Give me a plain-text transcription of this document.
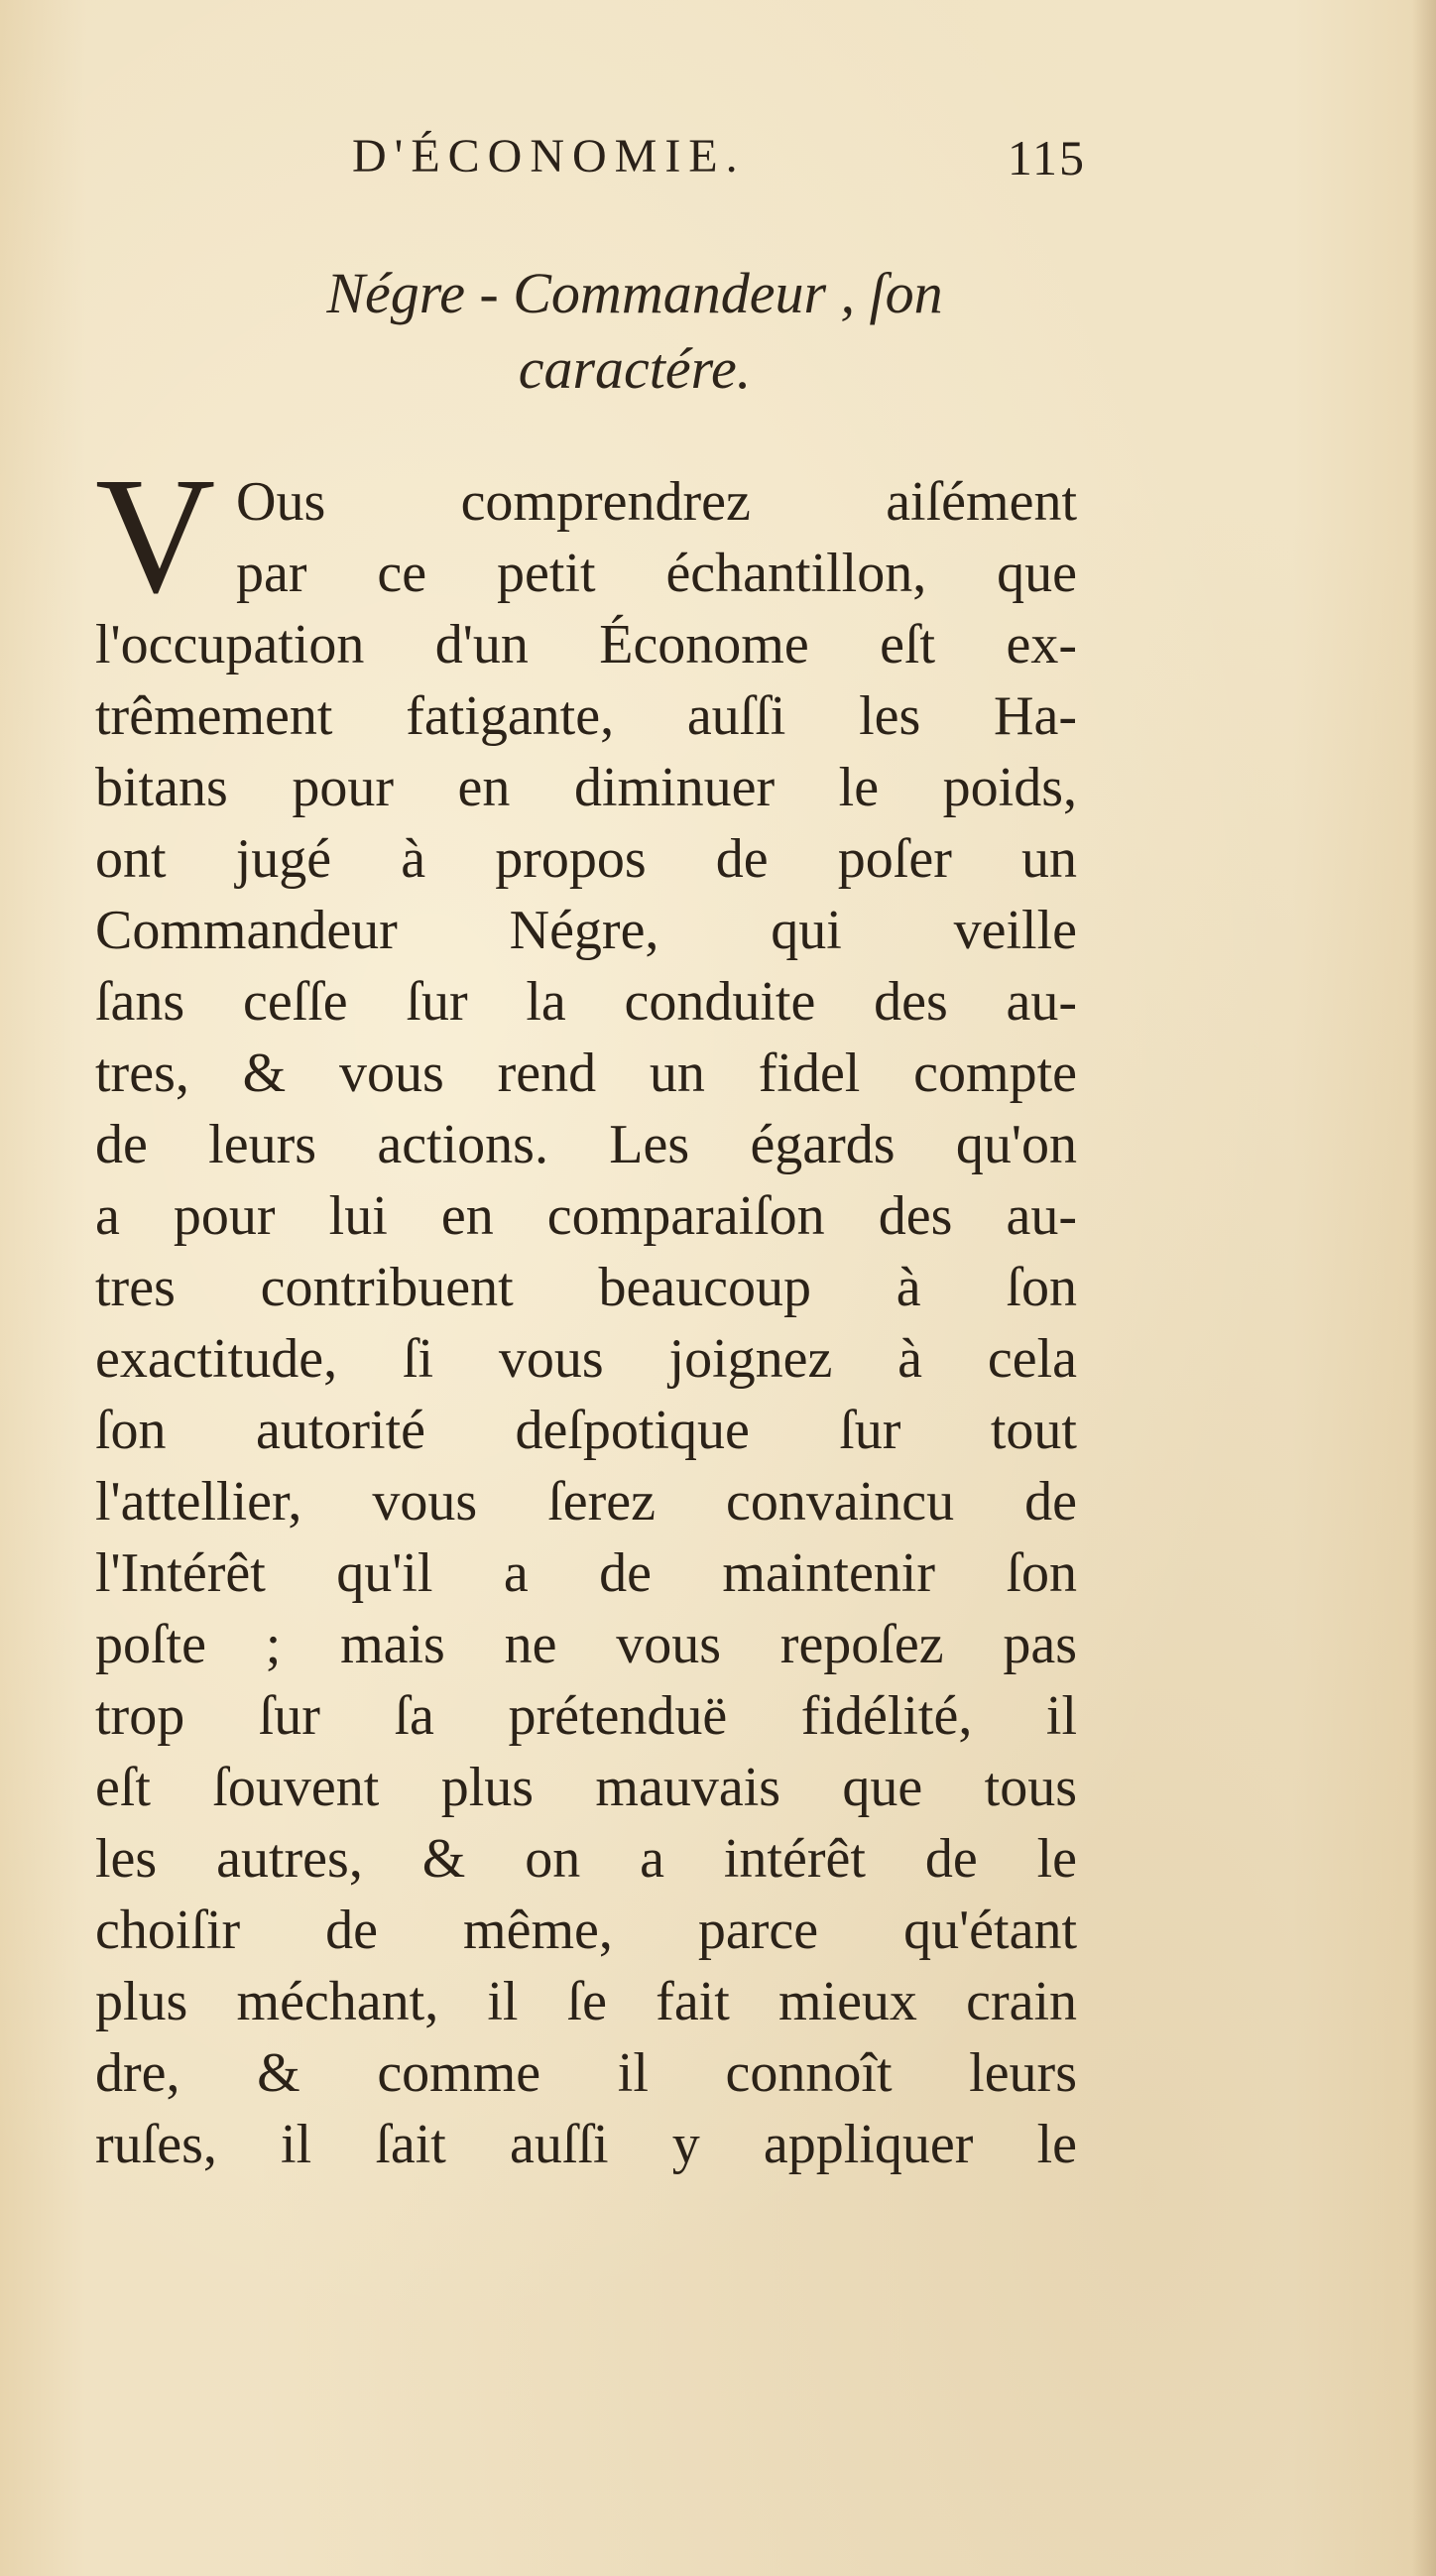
D'ÉCONOMIE.	115
Négre - Commandeur , ſon
caractére.
V Ous comprendrez aiſément
par ce petit échantillon, que
l'occupation d'un Économe eſt ex-
trêmement fatigante, auſſi les Ha-
bitans pour en diminuer le poids,
ont jugé à propos de poſer un
Commandeur Négre, qui veille
ſans ceſſe ſur la conduite des au-
tres, & vous rend un fidel compte
de leurs actions. Les égards qu'on
a pour lui en comparaiſon des au-
tres contribuent beaucoup à ſon
exactitude, ſi vous joignez à cela
ſon autorité deſpotique ſur tout
l'attellier, vous ſerez convaincu de
l'Intérêt qu'il a de maintenir ſon
poſte ; mais ne vous repoſez pas
trop ſur ſa prétenduë fidélité, il
eſt ſouvent plus mauvais que tous
les autres, & on a intérêt de le
choiſir de même, parce qu'étant
plus méchant, il ſe fait mieux crain
dre, & comme il connoît leurs
ruſes, il ſait auſſi y appliquer le
